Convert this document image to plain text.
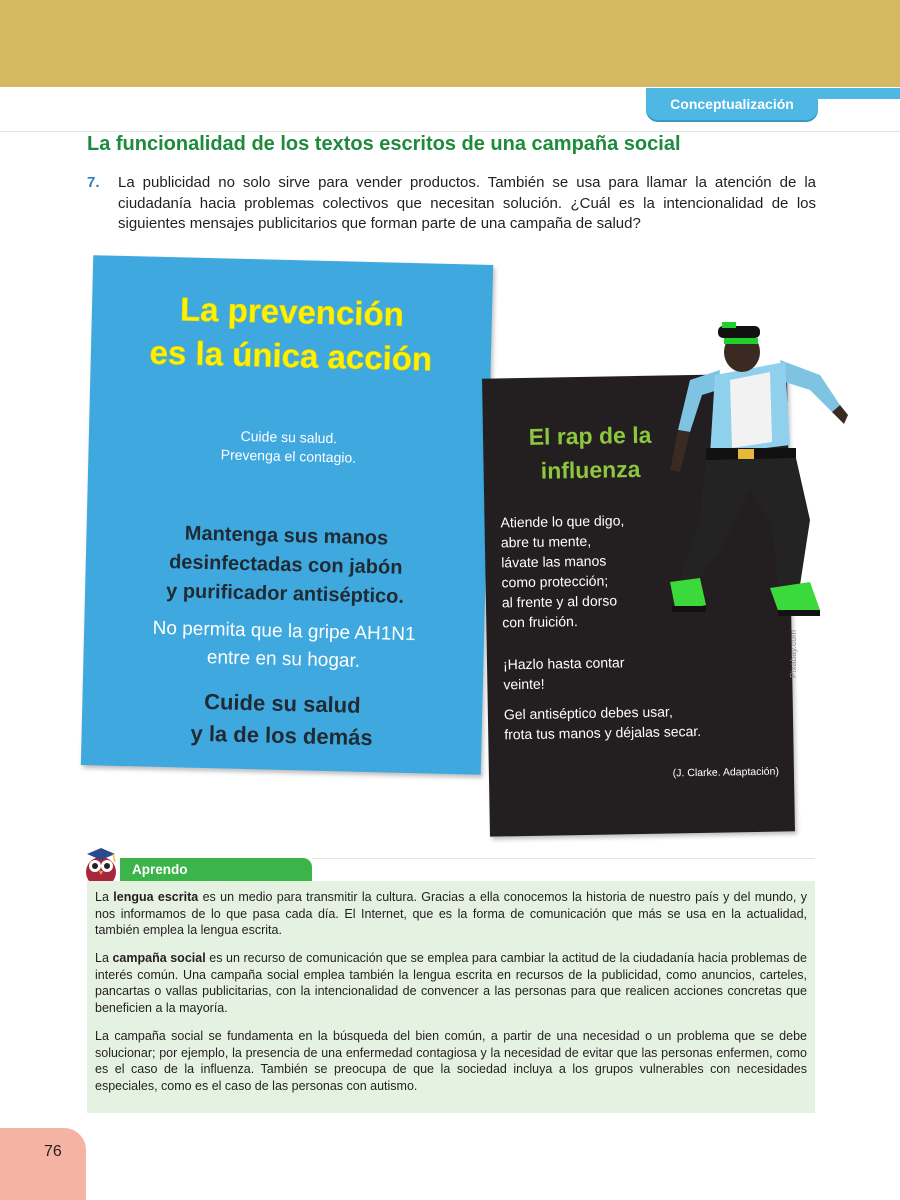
Conceptualización
La funcionalidad de los textos escritos de una campaña social
7. La publicidad no solo sirve para vender productos. También se usa para llamar la atención de la ciudadanía hacia problemas colectivos que necesitan solución. ¿Cuál es la intencionalidad de los siguientes mensajes publicitarios que forman parte de una campaña de salud?

La prevención
es la única acción
Cuide su salud.
Prevenga el contagio.
Mantenga sus manos
desinfectadas con jabón
y purificador antiséptico.
No permita que la gripe AH1N1
entre en su hogar.
Cuide su salud
y la de los demás
El rap de la
influenza
Atiende lo que digo,
abre tu mente,
lávate las manos
como protección;
al frente y al dorso
con fruición.
¡Hazlo hasta contar
veinte!
Gel antiséptico debes usar,
frota tus manos y déjalas secar.
(J. Clarke. Adaptación)
Pixabay.com
Aprendo

La lengua escrita es un medio para transmitir la cultura. Gracias a ella conocemos la historia de nuestro país y del mundo, y nos informamos de lo que pasa cada día. El Internet, que es la forma de comunicación que más se usa en la actualidad, también emplea la lengua escrita.

La campaña social es un recurso de comunicación que se emplea para cambiar la actitud de la ciudadanía hacia problemas de interés común. Una campaña social emplea también la lengua escrita en recursos de la publicidad, como anuncios, carteles, pancartas o vallas publicitarias, con la intencionalidad de convencer a las personas para que realicen acciones concretas que beneficien a la mayoría.

La campaña social se fundamenta en la búsqueda del bien común, a partir de una necesidad o un problema que se debe solucionar; por ejemplo, la presencia de una enfermedad contagiosa y la necesidad de evitar que las personas enfermen, como es el caso de la influenza. También se preocupa de que la sociedad incluya a los grupos vulnerables con necesidades especiales, como es el caso de las personas con autismo.

76
